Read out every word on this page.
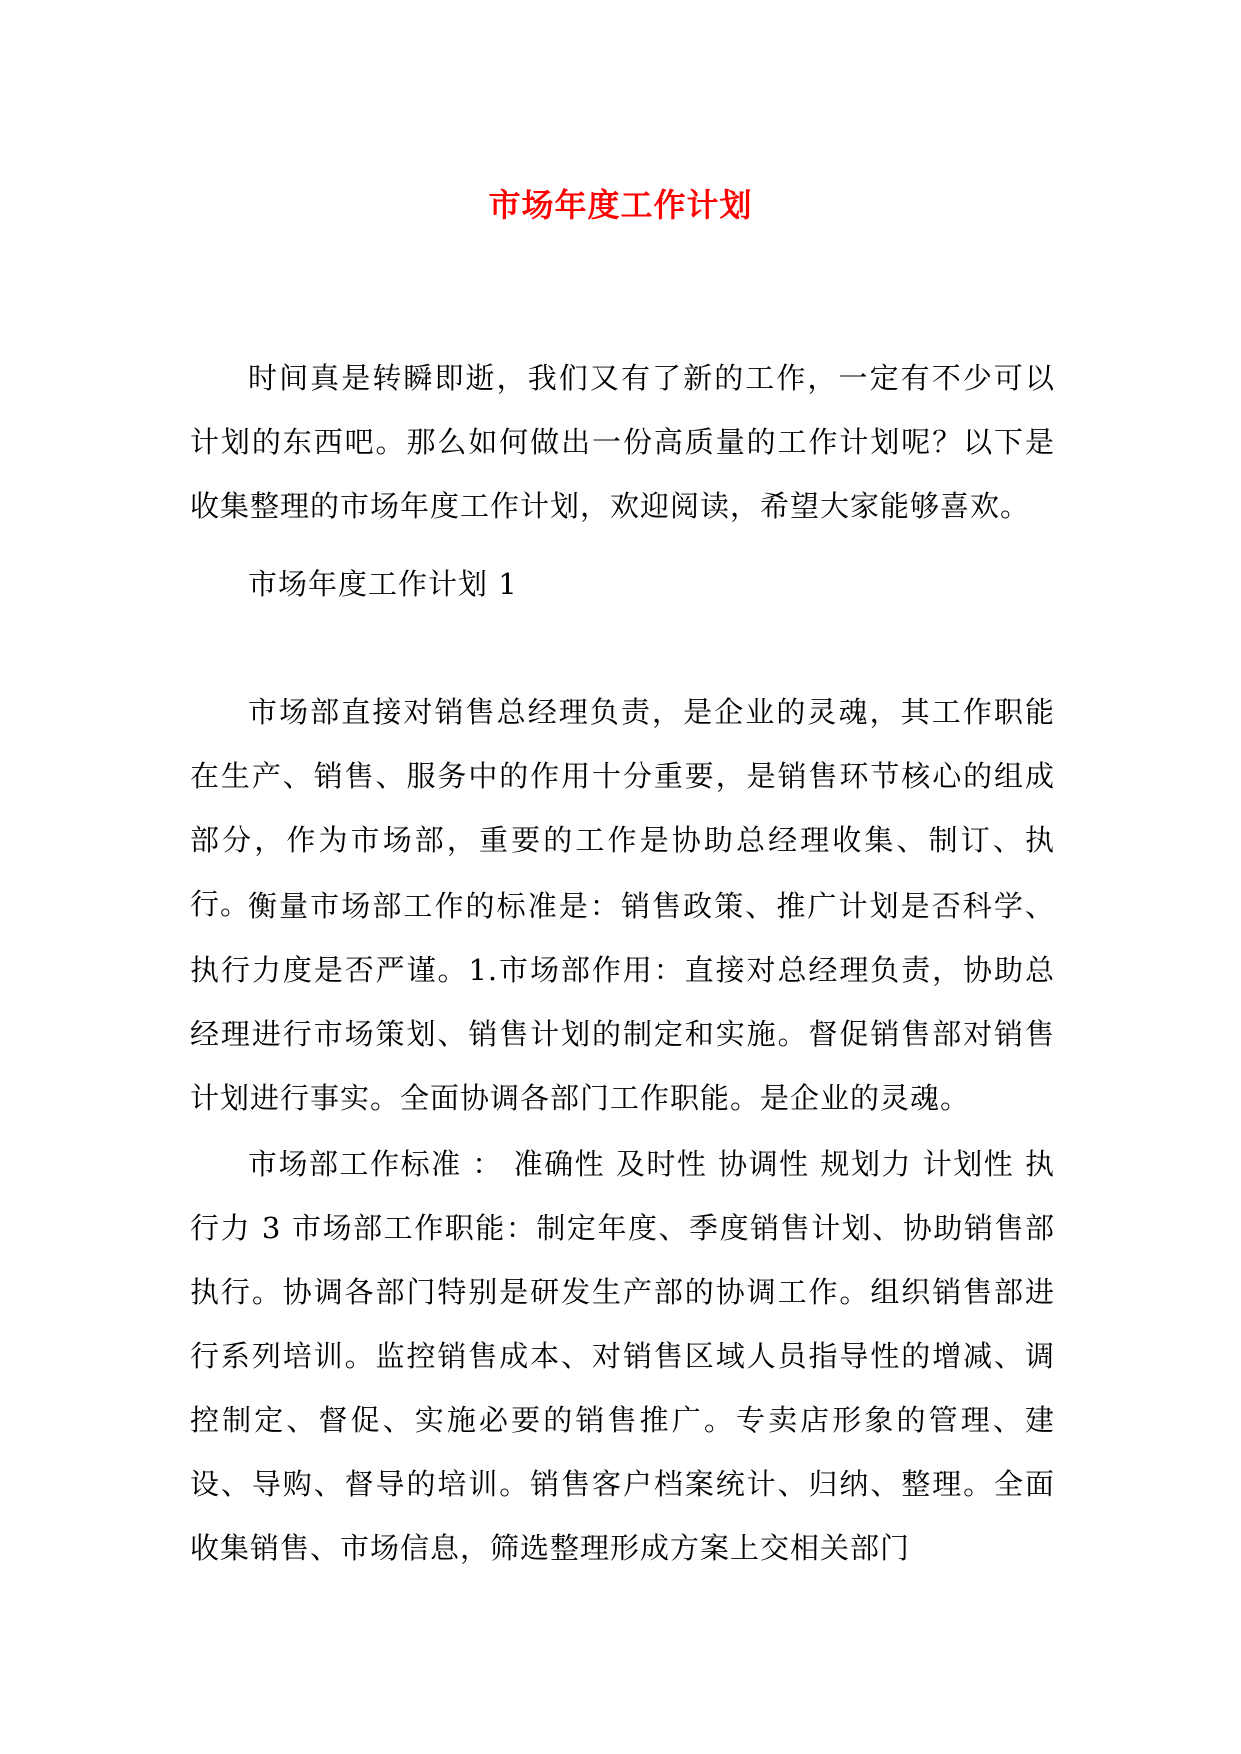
市场年度工作计划

时间真是转瞬即逝，我们又有了新的工作，一定有不少可以计划的东西吧。那么如何做出一份高质量的工作计划呢？以下是收集整理的市场年度工作计划，欢迎阅读，希望大家能够喜欢。

市场年度工作计划 1

市场部直接对销售总经理负责，是企业的灵魂，其工作职能在生产、销售、服务中的作用十分重要，是销售环节核心的组成部分，作为市场部，重要的工作是协助总经理收集、制订、执行。

衡量市场部工作的标准是：销售政策、推广计划是否科学、执行力度是否严谨。1.市场部作用：直接对总经理负责，协助总经理进行市场策划、销售计划的制定和实施。督促销售部对销售计划进行事实。全面协调各部门工作职能。是企业的灵魂。

市场部工作标准 ： 准确性 及时性 协调性 规划力 计划性 执行力 3 市场部工作职能：制定年度、季度销售计划、协助销售部执行。协调各部门特别是研发生产部的协调工作。组织销售部进行系列培训。监控销售成本、对销售区域人员指导性的增减、调控制定、督促、实施必要的销售推广。专卖店形象的管理、建设、导购、督导的培训。销售客户档案统计、归纳、整理。全面收集销售、市场信息，筛选整理形成方案上交相关部门
